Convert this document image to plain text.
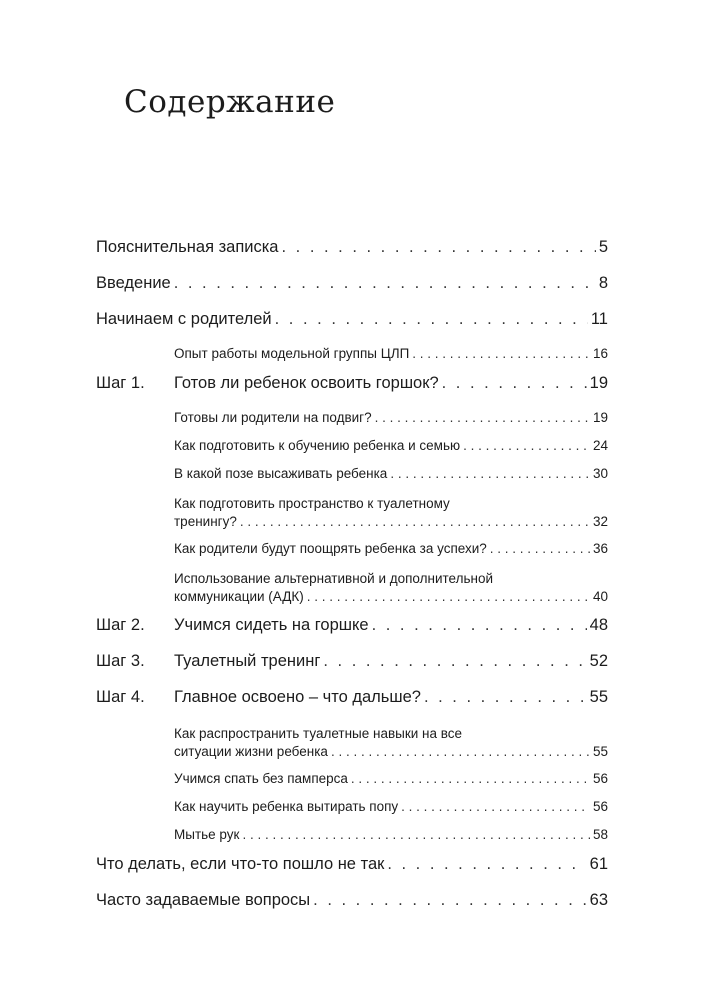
Содержание
Пояснительная записка . . .	5
Введение . . .	8
Начинаем с родителей . . .	11
Опыт работы модельной группы ЦЛП . . .	16
Шаг 1.	Готов ли ребенок освоить горшок? . . .	19
Готовы ли родители на подвиг? . . .	19
Как подготовить к обучению ребенка и семью . . .	24
В какой позе высаживать ребенка . . .	30
Как подготовить пространство к туалетному
тренингу? . . .	32
Как родители будут поощрять ребенка за успехи? . . .	36
Использование альтернативной и дополнительной
коммуникации (АДК) . . .	40
Шаг 2.	Учимся сидеть на горшке . . .	48
Шаг 3.	Туалетный тренинг . . .	52
Шаг 4.	Главное освоено – что дальше? . . .	55
Как распространить туалетные навыки на все
ситуации жизни ребенка . . .	55
Учимся спать без памперса . . .	56
Как научить ребенка вытирать попу . . .	56
Мытье рук . . .	58
Что делать, если что-то пошло не так . . .	61
Часто задаваемые вопросы . . .	63
